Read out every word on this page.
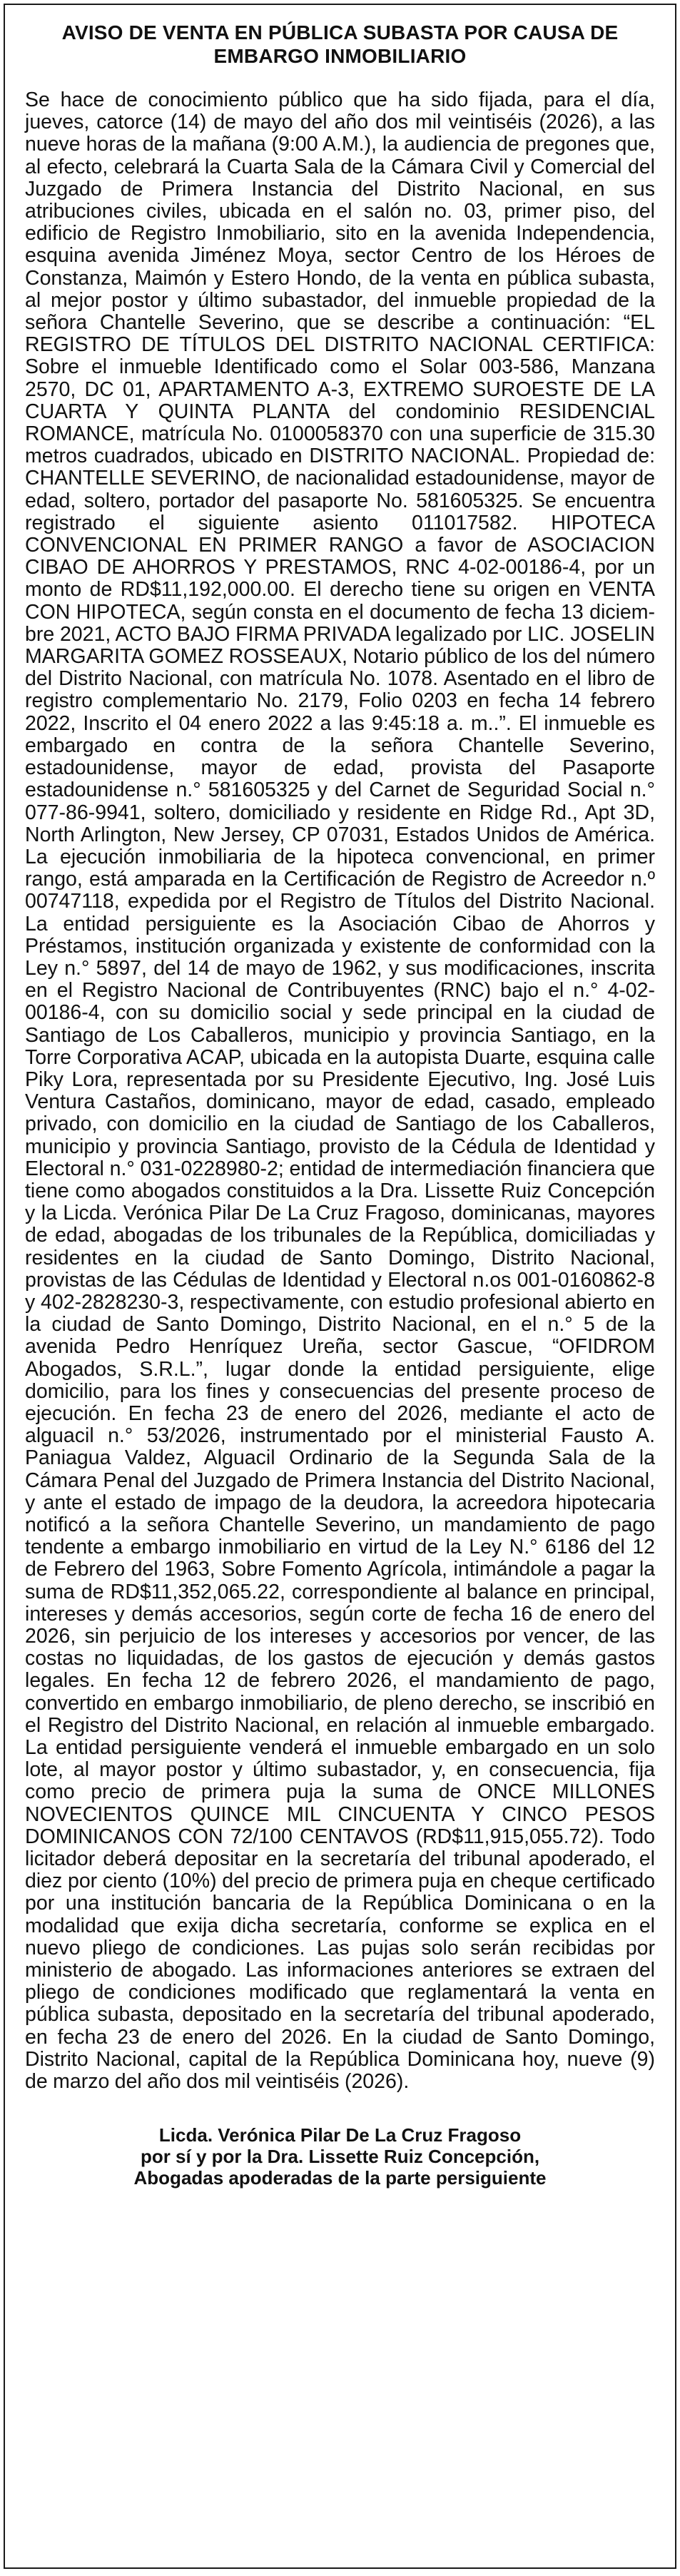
AVISO DE VENTA EN PÚBLICA SUBASTA POR CAUSA DE
EMBARGO INMOBILIARIO

Se hace de conocimiento público que ha sido fijada, para el día, jueves, catorce (14) de mayo del año dos mil veintiséis (2026), a las nueve horas de la mañana (9:00 A.M.), la audiencia de pregones que, al efecto, celebrará la Cuarta Sala de la Cámara Civil y Comercial del Juzgado de Primera Instancia del Distrito Nacional, en sus atribuciones civiles, ubicada en el salón no. 03, primer piso, del edificio de Registro Inmobiliario, sito en la avenida Independencia, esquina avenida Jiménez Moya, sector Centro de los Héroes de Constanza, Maimón y Estero Hondo, de la venta en pública subasta, al mejor postor y último subastador, del inmueble propiedad de la señora Chantelle Severino, que se describe a continuación: “EL REGISTRO DE TÍTULOS DEL DISTRITO NACIONAL CERTIFICA: Sobre el inmueble Identificado como el Solar 003-586, Manzana 2570, DC 01, APARTAMENTO A-3, EXTREMO SUROESTE DE LA CUARTA Y QUINTA PLANTA del condominio RESIDENCIAL ROMANCE, matrícula No. 0100058370 con una superficie de 315.30 metros cuadrados, ubicado en DISTRITO NACIONAL. Propiedad de: CHANTELLE SEVERINO, de nacionalidad estadounidense, mayor de edad, soltero, portador del pasaporte No. 581605325. Se encuentra registrado el siguiente asiento 011017582. HIPOTECA CONVENCIONAL EN PRIMER RANGO a favor de ASOCIACION CIBAO DE AHORROS Y PRESTAMOS, RNC 4-02-00186-4, por un monto de RD$11,192,000.00. El derecho tiene su origen en VENTA CON HIPOTECA, según consta en el documento de fecha 13 diciembre 2021, ACTO BAJO FIRMA PRIVADA legalizado por LIC. JOSELIN MARGARITA GOMEZ ROSSEAUX, Notario público de los del número del Distrito Nacional, con matrícula No. 1078. Asentado en el libro de registro complementario No. 2179, Folio 0203 en fecha 14 febrero 2022, Inscrito el 04 enero 2022 a las 9:45:18 a. m..”. El inmueble es embargado en contra de la señora Chantelle Severino, estadounidense, mayor de edad, provista del Pasaporte estadounidense n.° 581605325 y del Carnet de Seguridad Social n.° 077-86-9941, soltero, domiciliado y residente en Ridge Rd., Apt 3D, North Arlington, New Jersey, CP 07031, Estados Unidos de América. La ejecución inmobiliaria de la hipoteca convencional, en primer rango, está amparada en la Certificación de Registro de Acreedor n.º 00747118, expedida por el Registro de Títulos del Distrito Nacional. La entidad persiguiente es la Asociación Cibao de Ahorros y Préstamos, institución organizada y existente de conformidad con la Ley n.° 5897, del 14 de mayo de 1962, y sus modificaciones, inscrita en el Registro Nacional de Contribuyentes (RNC) bajo el n.° 4-02-00186-4, con su domicilio social y sede principal en la ciudad de Santiago de Los Caballeros, municipio y provincia Santiago, en la Torre Corporativa ACAP, ubicada en la autopista Duarte, esquina calle Piky Lora, representada por su Presidente Ejecutivo, Ing. José Luis Ventura Castaños, dominicano, mayor de edad, casado, empleado privado, con domicilio en la ciudad de Santiago de los Caballeros, municipio y provincia Santiago, provisto de la Cédula de Identidad y Electoral n.° 031-0228980-2; entidad de intermediación financiera que tiene como abogados constituidos a la Dra. Lissette Ruiz Concepción y la Licda. Verónica Pilar De La Cruz Fragoso, dominicanas, mayores de edad, abogadas de los tribunales de la República, domiciliadas y residentes en la ciudad de Santo Domingo, Distrito Nacional, provistas de las Cédulas de Identidad y Electoral n.os 001-0160862-8 y 402-2828230-3, respectivamente, con estudio profesional abierto en la ciudad de Santo Domingo, Distrito Nacional, en el n.° 5 de la avenida Pedro Henríquez Ureña, sector Gascue, “OFIDROM Abogados, S.R.L.”, lugar donde la entidad persiguiente, elige domicilio, para los fines y consecuencias del presente proceso de ejecución. En fecha 23 de enero del 2026, mediante el acto de alguacil n.° 53/2026, instrumentado por el ministerial Fausto A. Paniagua Valdez, Alguacil Ordinario de la Segunda Sala de la Cámara Penal del Juzgado de Primera Instancia del Distrito Nacional, y ante el estado de impago de la deudora, la acreedora hipotecaria notificó a la señora Chantelle Severino, un mandamiento de pago tendente a embargo inmobiliario en virtud de la Ley N.° 6186 del 12 de Febrero del 1963, Sobre Fomento Agrícola, intimándole a pagar la suma de RD$11,352,065.22, correspondiente al balance en principal, intereses y demás accesorios, según corte de fecha 16 de enero del 2026, sin perjuicio de los intereses y accesorios por vencer, de las costas no liquidadas, de los gastos de ejecución y demás gastos legales. En fecha 12 de febrero 2026, el mandamiento de pago, convertido en embargo inmobiliario, de pleno derecho, se inscribió en el Registro del Distrito Nacional, en relación al inmueble embargado. La entidad persiguiente venderá el inmueble embargado en un solo lote, al mayor postor y último subastador, y, en consecuencia, fija como precio de primera puja la suma de ONCE MILLONES NOVECIENTOS QUINCE MIL CINCUENTA Y CINCO PESOS DOMINICANOS CON 72/100 CENTAVOS (RD$11,915,055.72). Todo licitador deberá depositar en la secretaría del tribunal apoderado, el diez por ciento (10%) del precio de primera puja en cheque certificado por una institución bancaria de la República Dominicana o en la modalidad que exija dicha secretaría, conforme se explica en el nuevo pliego de condiciones. Las pujas solo serán recibidas por ministerio de abogado. Las informaciones anteriores se extraen del pliego de condiciones modificado que reglamentará la venta en pública subasta, depositado en la secretaría del tribunal apoderado, en fecha 23 de enero del 2026. En la ciudad de Santo Domingo, Distrito Nacional, capital de la República Dominicana hoy, nueve (9) de marzo del año dos mil veintiséis (2026).

Licda. Verónica Pilar De La Cruz Fragoso
por sí y por la Dra. Lissette Ruiz Concepción,
Abogadas apoderadas de la parte persiguiente
